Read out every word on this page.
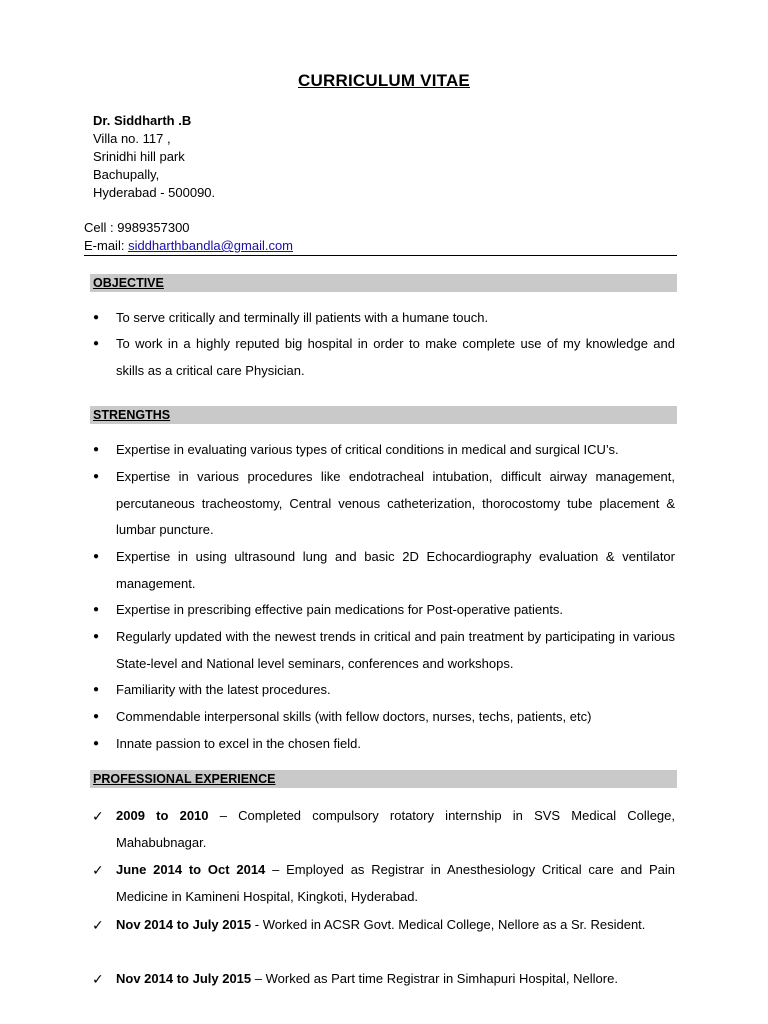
CURRICULUM VITAE
Dr. Siddharth .B
Villa no. 117 ,
Srinidhi hill park
Bachupally,
Hyderabad - 500090.
Cell : 9989357300
E-mail: siddharthbandla@gmail.com
OBJECTIVE
● To serve critically and terminally ill patients with a humane touch.
● To work in a highly reputed big hospital in order to make complete use of my knowledge and skills as a critical care Physician.
STRENGTHS
● Expertise in evaluating various types of critical conditions in medical and surgical ICU’s.
● Expertise in various procedures like endotracheal intubation, difficult airway management, percutaneous tracheostomy, Central venous catheterization, thorocostomy tube placement & lumbar puncture.
● Expertise in using ultrasound lung and basic 2D Echocardiography evaluation & ventilator management.
● Expertise in prescribing effective pain medications for Post-operative patients.
● Regularly updated with the newest trends in critical and pain treatment by participating in various State-level and National level seminars, conferences and workshops.
● Familiarity with the latest procedures.
● Commendable interpersonal skills (with fellow doctors, nurses, techs, patients, etc)
● Innate passion to excel in the chosen field.
PROFESSIONAL EXPERIENCE
✓ 2009 to 2010 – Completed compulsory rotatory internship in SVS Medical College, Mahabubnagar.
✓ June 2014 to Oct 2014 – Employed as Registrar in Anesthesiology Critical care and Pain Medicine in Kamineni Hospital, Kingkoti, Hyderabad.
✓ Nov 2014 to July 2015 - Worked in ACSR Govt. Medical College, Nellore as a Sr. Resident.
✓ Nov 2014 to July 2015 – Worked as Part time Registrar in Simhapuri Hospital, Nellore.
